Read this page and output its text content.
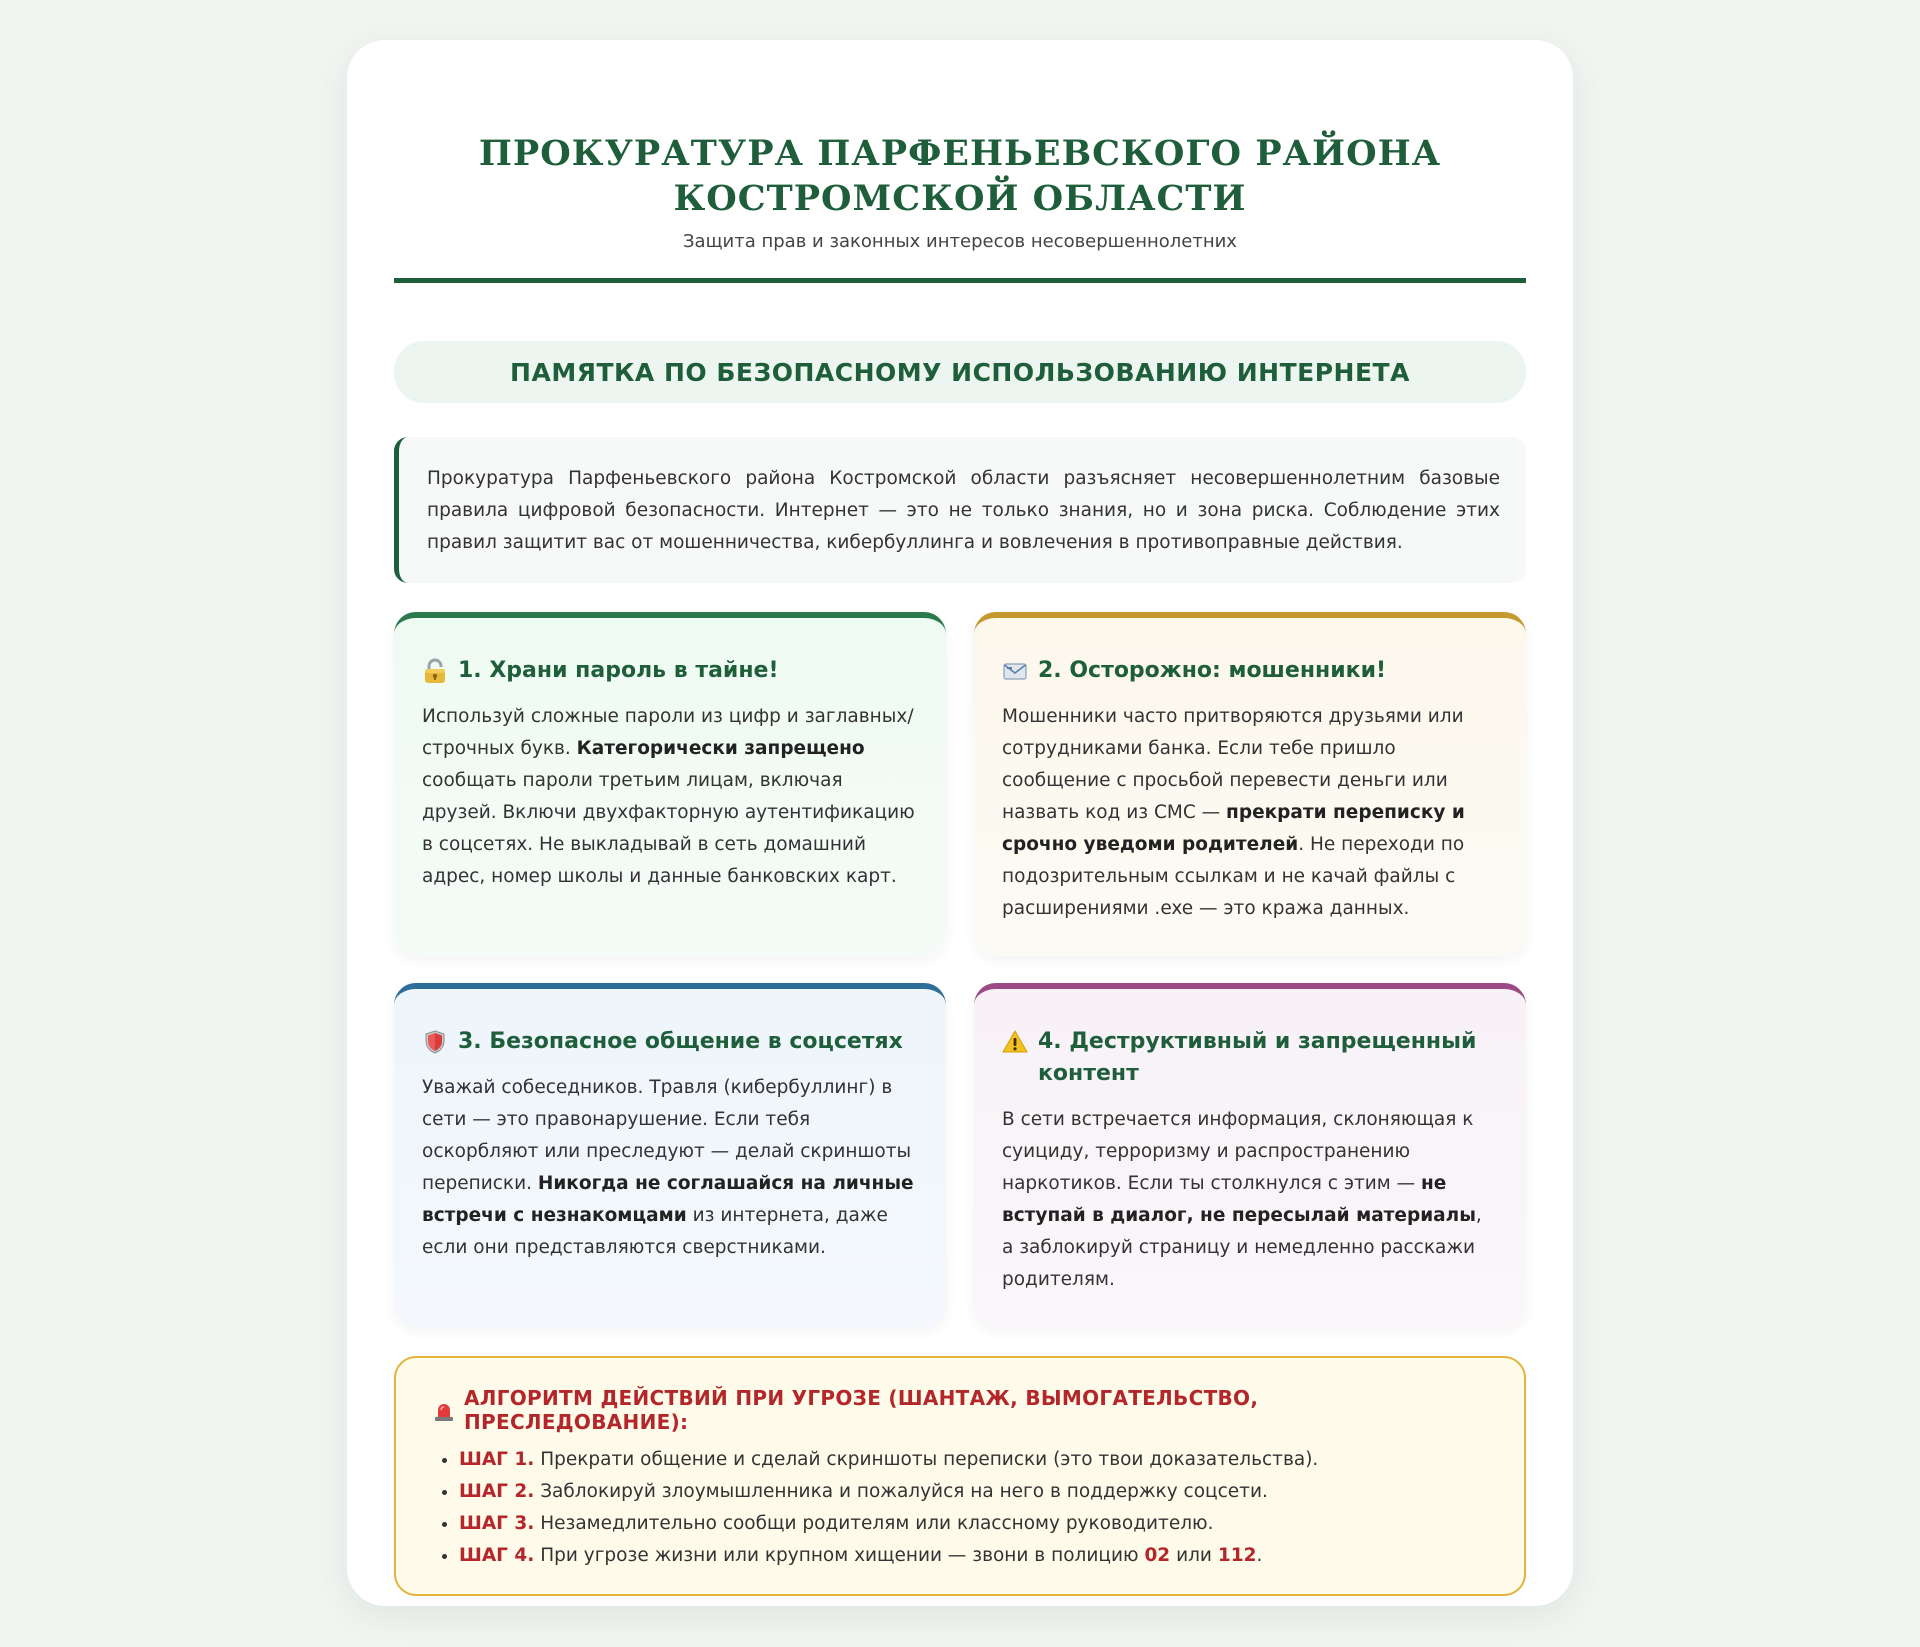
ПРОКУРАТУРА ПАРФЕНЬЕВСКОГО РАЙОНА
КОСТРОМСКОЙ ОБЛАСТИ
Защита прав и законных интересов несовершеннолетних
ПАМЯТКА ПО БЕЗОПАСНОМУ ИСПОЛЬЗОВАНИЮ ИНТЕРНЕТА
Прокуратура Парфеньевского района Костромской области разъясняет несовершеннолетним базовые правила цифровой безопасности. Интернет — это не только знания, но и зона риска. Соблюдение этих правил защитит вас от мошенничества, кибербуллинга и вовлечения в противоправные действия.
1. Храни пароль в тайне!
Используй сложные пароли из цифр и заглавных/строчных букв. Категорически запрещено сообщать пароли третьим лицам, включая друзей. Включи двухфакторную аутентификацию в соцсетях. Не выкладывай в сеть домашний адрес, номер школы и данные банковских карт.
2. Осторожно: мошенники!
Мошенники часто притворяются друзьями или сотрудниками банка. Если тебе пришло сообщение с просьбой перевести деньги или назвать код из СМС — прекрати переписку и срочно уведоми родителей. Не переходи по подозрительным ссылкам и не качай файлы с расширениями .exe — это кража данных.
3. Безопасное общение в соцсетях
Уважай собеседников. Травля (кибербуллинг) в сети — это правонарушение. Если тебя оскорбляют или преследуют — делай скриншоты переписки. Никогда не соглашайся на личные встречи с незнакомцами из интернета, даже если они представляются сверстниками.
4. Деструктивный и запрещенный контент
В сети встречается информация, склоняющая к суициду, терроризму и распространению наркотиков. Если ты столкнулся с этим — не вступай в диалог, не пересылай материалы, а заблокируй страницу и немедленно расскажи родителям.
АЛГОРИТМ ДЕЙСТВИЙ ПРИ УГРОЗЕ (ШАНТАЖ, ВЫМОГАТЕЛЬСТВО, ПРЕСЛЕДОВАНИЕ):
• ШАГ 1. Прекрати общение и сделай скриншоты переписки (это твои доказательства).
• ШАГ 2. Заблокируй злоумышленника и пожалуйся на него в поддержку соцсети.
• ШАГ 3. Незамедлительно сообщи родителям или классному руководителю.
• ШАГ 4. При угрозе жизни или крупном хищении — звони в полицию 02 или 112.
